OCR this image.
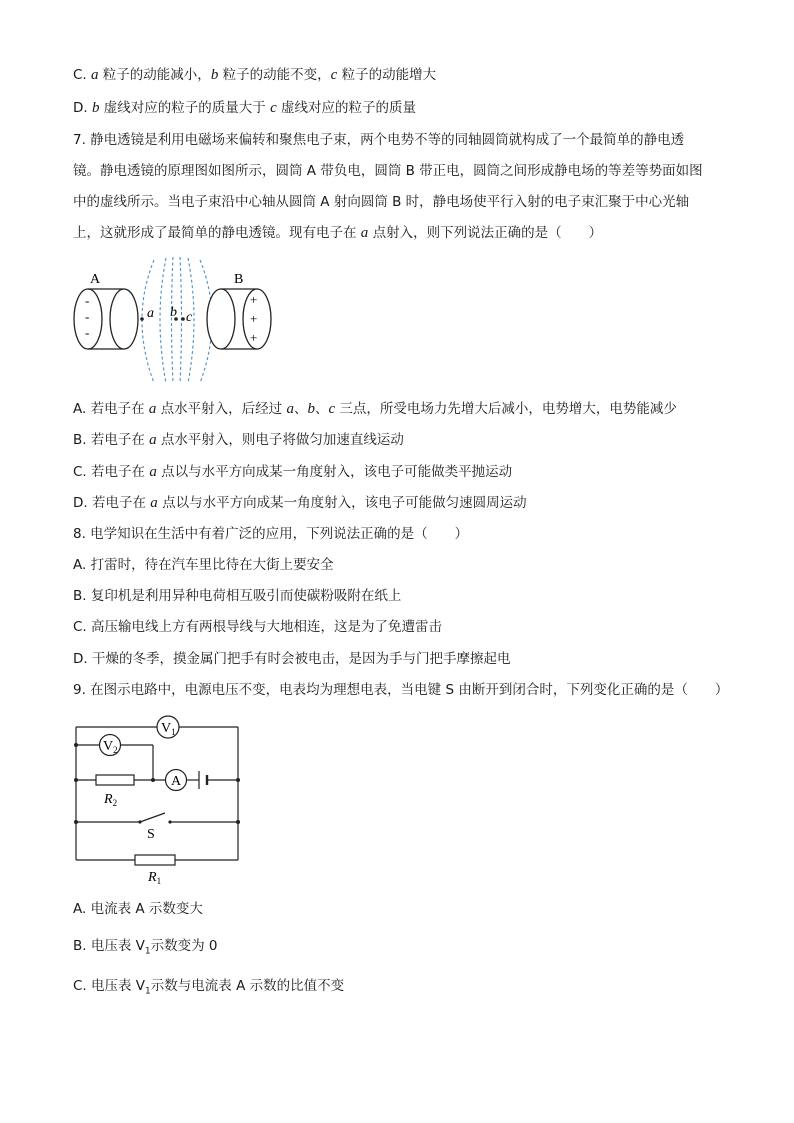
C. a 粒子的动能减小，b 粒子的动能不变，c 粒子的动能增大
D. b 虚线对应的粒子的质量大于 c 虚线对应的粒子的质量
7. 静电透镜是利用电磁场来偏转和聚焦电子束，两个电势不等的同轴圆筒就构成了一个最简单的静电透
镜。静电透镜的原理图如图所示，圆筒 A 带负电，圆筒 B 带正电，圆筒之间形成静电场的等差等势面如图
中的虚线所示。当电子束沿中心轴从圆筒 A 射向圆筒 B 时，静电场使平行入射的电子束汇聚于中心光轴
上，这就形成了最简单的静电透镜。现有电子在 a 点射入，则下列说法正确的是（　　）
A
-
-
-
a b c
B
+
+
+
A. 若电子在 a 点水平射入，后经过 a、b、c 三点，所受电场力先增大后减小，电势增大，电势能减少
B. 若电子在 a 点水平射入，则电子将做匀加速直线运动
C. 若电子在 a 点以与水平方向成某一角度射入，该电子可能做类平抛运动
D. 若电子在 a 点以与水平方向成某一角度射入，该电子可能做匀速圆周运动
8. 电学知识在生活中有着广泛的应用，下列说法正确的是（　　）
A. 打雷时，待在汽车里比待在大街上要安全
B. 复印机是利用异种电荷相互吸引而使碳粉吸附在纸上
C. 高压输电线上方有两根导线与大地相连，这是为了免遭雷击
D. 干燥的冬季，摸金属门把手有时会被电击，是因为手与门把手摩擦起电
9. 在图示电路中，电源电压不变，电表均为理想电表，当电键 S 由断开到闭合时，下列变化正确的是（　　）
$V_1$
$V_2$
$R_2$
A
S
$R_1$
A. 电流表 A 示数变大
B. 电压表 $V_1$示数变为 0
C. 电压表 $V_1$示数与电流表 A 示数的比值不变
